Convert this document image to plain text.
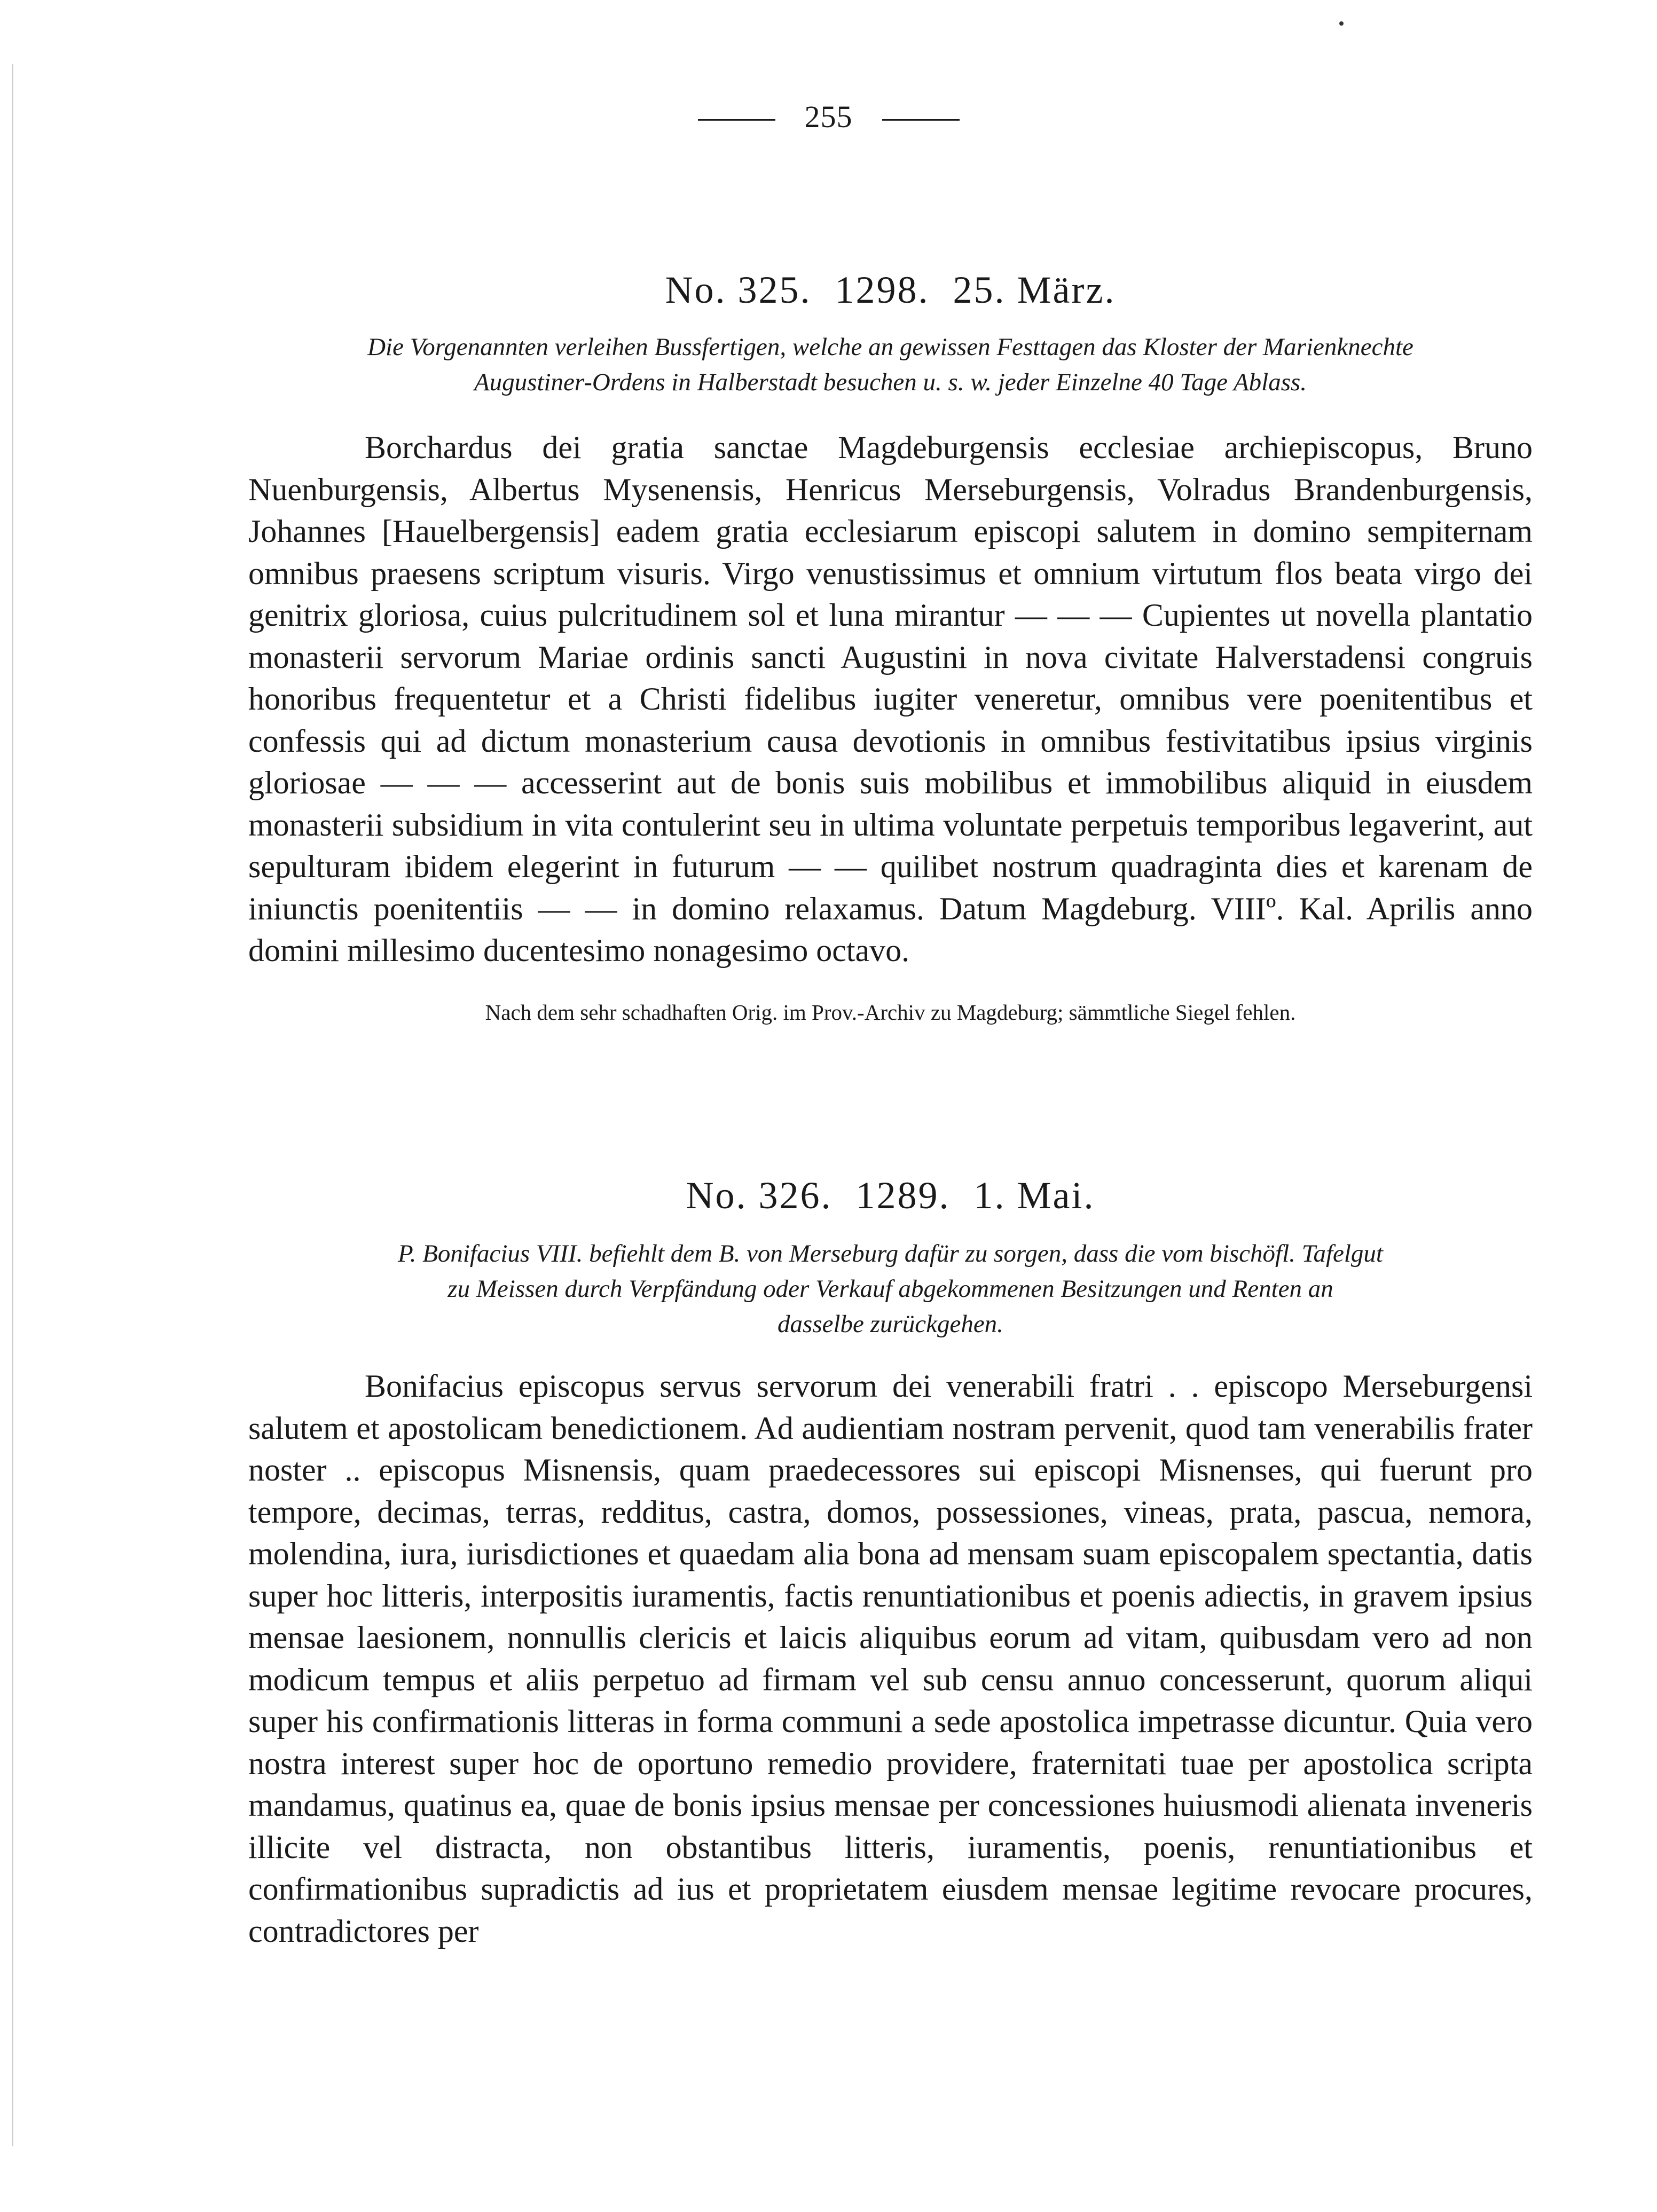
255
No. 325. 1298. 25. März.

Die Vorgenannten verleihen Bussfertigen, welche an gewissen Festtagen das Kloster der Marienknechte
Augustiner-Ordens in Halberstadt besuchen u. s. w. jeder Einzelne 40 Tage Ablass.

Borchardus dei gratia sanctae Magdeburgensis ecclesiae archiepiscopus, Bruno Nuenburgensis, Albertus Mysenensis, Henricus Merseburgensis, Volradus Brandenburgensis, Johannes [Hauelbergensis] eadem gratia ecclesiarum episcopi salutem in domino sempiternam omnibus praesens scriptum visuris. Virgo venustissimus et omnium virtutum flos beata virgo dei genitrix gloriosa, cuius pulcritudinem sol et luna mirantur — — — Cupientes ut novella plantatio monasterii servorum Mariae ordinis sancti Augustini in nova civitate Halverstadensi congruis honoribus frequentetur et a Christi fidelibus iugiter veneretur, omnibus vere poenitentibus et confessis qui ad dictum monasterium causa devotionis in omnibus festivitatibus ipsius virginis gloriosae — — — accesserint aut de bonis suis mobilibus et immobilibus aliquid in eiusdem monasterii subsidium in vita contulerint seu in ultima voluntate perpetuis temporibus legaverint, aut sepulturam ibidem elegerint in futurum — — quilibet nostrum quadraginta dies et karenam de iniunctis poenitentiis — — in domino relaxamus. Datum Magdeburg. VIIIº. Kal. Aprilis anno domini millesimo ducentesimo nonagesimo octavo.

Nach dem sehr schadhaften Orig. im Prov.-Archiv zu Magdeburg; sämmtliche Siegel fehlen.

No. 326. 1289. 1. Mai.

P. Bonifacius VIII. befiehlt dem B. von Merseburg dafür zu sorgen, dass die vom bischöfl. Tafelgut
zu Meissen durch Verpfändung oder Verkauf abgekommenen Besitzungen und Renten an
dasselbe zurückgehen.

Bonifacius episcopus servus servorum dei venerabili fratri . . episcopo Merseburgensi salutem et apostolicam benedictionem. Ad audientiam nostram pervenit, quod tam venerabilis frater noster .. episcopus Misnensis, quam praedecessores sui episcopi Misnenses, qui fuerunt pro tempore, decimas, terras, redditus, castra, domos, possessiones, vineas, prata, pascua, nemora, molendina, iura, iurisdictiones et quaedam alia bona ad mensam suam episcopalem spectantia, datis super hoc litteris, interpositis iuramentis, factis renuntiationibus et poenis adiectis, in gravem ipsius mensae laesionem, nonnullis clericis et laicis aliquibus eorum ad vitam, quibusdam vero ad non modicum tempus et aliis perpetuo ad firmam vel sub censu annuo concesserunt, quorum aliqui super his confirmationis litteras in forma communi a sede apostolica impetrasse dicuntur. Quia vero nostra interest super hoc de oportuno remedio providere, fraternitati tuae per apostolica scripta mandamus, quatinus ea, quae de bonis ipsius mensae per concessiones huiusmodi alienata inveneris illicite vel distracta, non obstantibus litteris, iuramentis, poenis, renuntiationibus et confirmationibus supradictis ad ius et proprietatem eiusdem mensae legitime revocare procures, contradictores per
